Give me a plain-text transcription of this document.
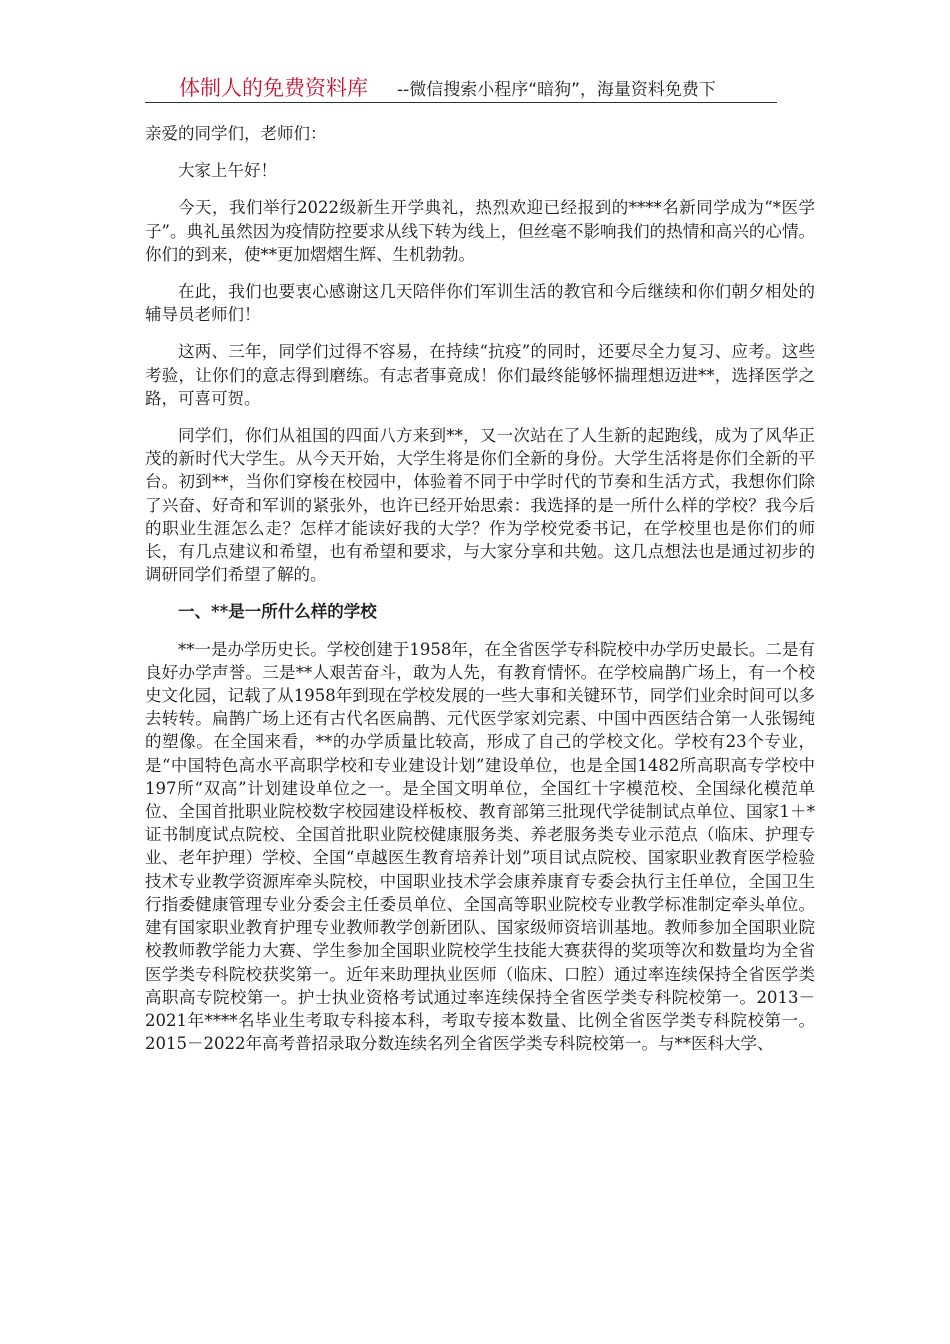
体制人的免费资料库 --微信搜索小程序“暗狗”，海量资料免费下

亲爱的同学们，老师们：

大家上午好！

今天，我们举行2022级新生开学典礼，热烈欢迎已经报到的****名新同学成为“*医学子”。典礼虽然因为疫情防控要求从线下转为线上，但丝毫不影响我们的热情和高兴的心情。你们的到来，使**更加熠熠生辉、生机勃勃。

在此，我们也要衷心感谢这几天陪伴你们军训生活的教官和今后继续和你们朝夕相处的辅导员老师们！

这两、三年，同学们过得不容易，在持续“抗疫”的同时，还要尽全力复习、应考。这些考验，让你们的意志得到磨练。有志者事竟成！你们最终能够怀揣理想迈进**，选择医学之路，可喜可贺。

同学们，你们从祖国的四面八方来到**，又一次站在了人生新的起跑线，成为了风华正茂的新时代大学生。从今天开始，大学生将是你们全新的身份。大学生活将是你们全新的平台。初到**，当你们穿梭在校园中，体验着不同于中学时代的节奏和生活方式，我想你们除了兴奋、好奇和军训的紧张外，也许已经开始思索：我选择的是一所什么样的学校？我今后的职业生涯怎么走？怎样才能读好我的大学？作为学校党委书记，在学校里也是你们的师长，有几点建议和希望，也有希望和要求，与大家分享和共勉。这几点想法也是通过初步的调研同学们希望了解的。

一、**是一所什么样的学校

**一是办学历史长。学校创建于1958年，在全省医学专科院校中办学历史最长。二是有良好办学声誉。三是**人艰苦奋斗，敢为人先，有教育情怀。在学校扁鹊广场上，有一个校史文化园，记载了从1958年到现在学校发展的一些大事和关键环节，同学们业余时间可以多去转转。扁鹊广场上还有古代名医扁鹊、元代医学家刘完素、中国中西医结合第一人张锡纯的塑像。在全国来看，**的办学质量比较高，形成了自己的学校文化。学校有23个专业，是“中国特色高水平高职学校和专业建设计划”建设单位，也是全国1482所高职高专学校中197所“双高”计划建设单位之一。是全国文明单位，全国红十字模范校、全国绿化模范单位、全国首批职业院校数字校园建设样板校、教育部第三批现代学徒制试点单位、国家1＋*证书制度试点院校、全国首批职业院校健康服务类、养老服务类专业示范点（临床、护理专业、老年护理）学校、全国“卓越医生教育培养计划”项目试点院校、国家职业教育医学检验技术专业教学资源库牵头院校，中国职业技术学会康养康育专委会执行主任单位，全国卫生行指委健康管理专业分委会主任委员单位、全国高等职业院校专业教学标准制定牵头单位。建有国家职业教育护理专业教师教学创新团队、国家级师资培训基地。教师参加全国职业院校教师教学能力大赛、学生参加全国职业院校学生技能大赛获得的奖项等次和数量均为全省医学类专科院校获奖第一。近年来助理执业医师（临床、口腔）通过率连续保持全省医学类高职高专院校第一。护士执业资格考试通过率连续保持全省医学类专科院校第一。2013－2021年****名毕业生考取专科接本科，考取专接本数量、比例全省医学类专科院校第一。2015－2022年高考普招录取分数连续名列全省医学类专科院校第一。与**医科大学、
